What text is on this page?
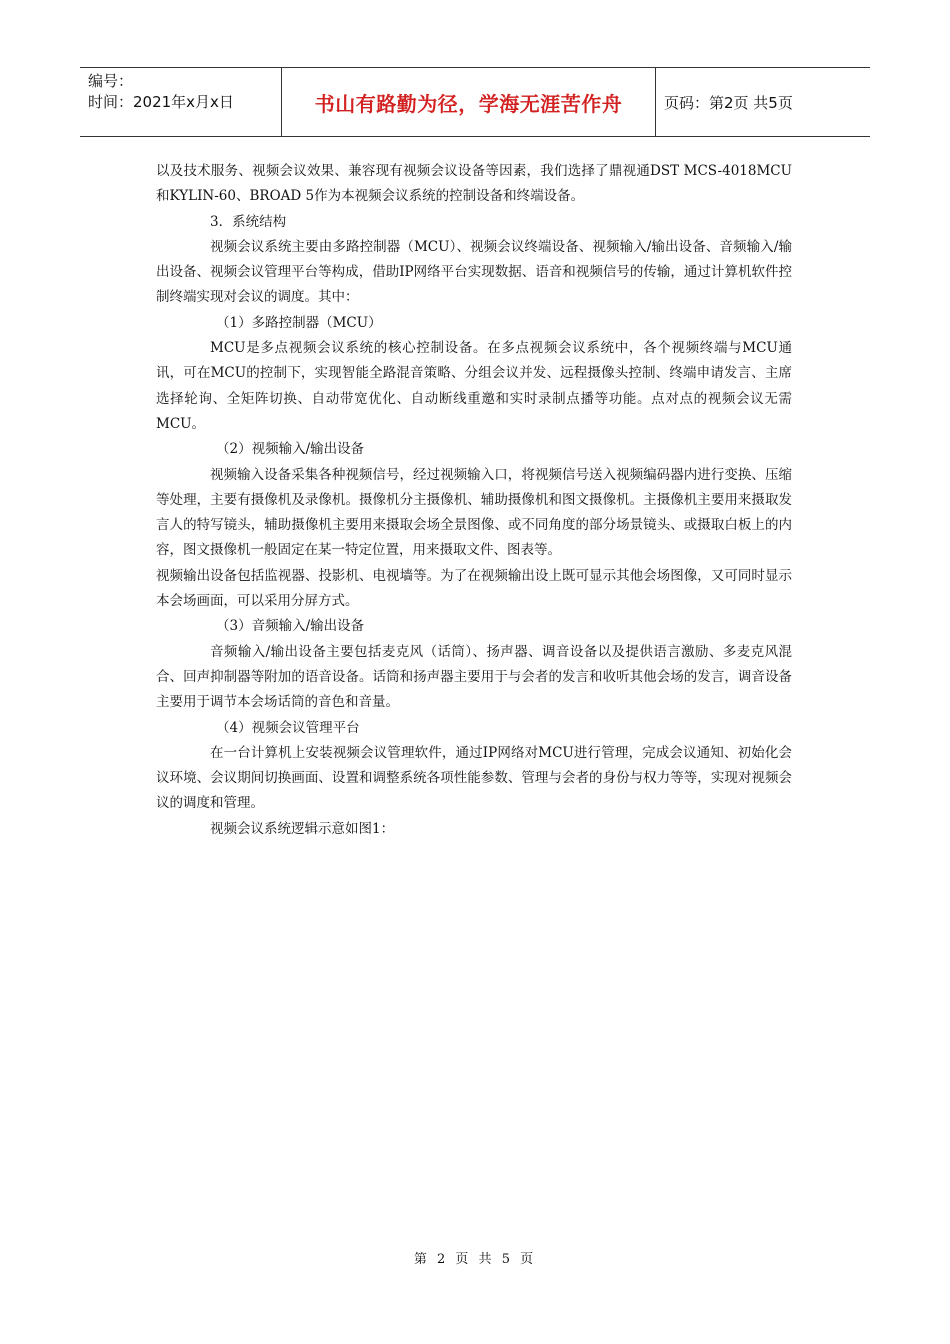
编号：
时间：2021年x月x日	书山有路勤为径，学海无涯苦作舟	页码：第2页 共5页

以及技术服务、视频会议效果、兼容现有视频会议设备等因素，我们选择了鼎视通DST MCS-4018MCU和KYLIN-60、BROAD 5作为本视频会议系统的控制设备和终端设备。

3．系统结构

视频会议系统主要由多路控制器（MCU）、视频会议终端设备、视频输入/输出设备、音频输入/输出设备、视频会议管理平台等构成，借助IP网络平台实现数据、语音和视频信号的传输，通过计算机软件控制终端实现对会议的调度。其中：

（1）多路控制器（MCU）

MCU是多点视频会议系统的核心控制设备。在多点视频会议系统中，各个视频终端与MCU通讯，可在MCU的控制下，实现智能全路混音策略、分组会议并发、远程摄像头控制、终端申请发言、主席选择轮询、全矩阵切换、自动带宽优化、自动断线重邀和实时录制点播等功能。点对点的视频会议无需MCU。

（2）视频输入/输出设备

视频输入设备采集各种视频信号，经过视频输入口，将视频信号送入视频编码器内进行变换、压缩等处理，主要有摄像机及录像机。摄像机分主摄像机、辅助摄像机和图文摄像机。主摄像机主要用来摄取发言人的特写镜头，辅助摄像机主要用来摄取会场全景图像、或不同角度的部分场景镜头、或摄取白板上的内容，图文摄像机一般固定在某一特定位置，用来摄取文件、图表等。

视频输出设备包括监视器、投影机、电视墙等。为了在视频输出设上既可显示其他会场图像，又可同时显示本会场画面，可以采用分屏方式。

（3）音频输入/输出设备

音频输入/输出设备主要包括麦克风（话筒）、扬声器、调音设备以及提供语言激励、多麦克风混合、回声抑制器等附加的语音设备。话筒和扬声器主要用于与会者的发言和收听其他会场的发言，调音设备主要用于调节本会场话筒的音色和音量。

（4）视频会议管理平台

在一台计算机上安装视频会议管理软件，通过IP网络对MCU进行管理，完成会议通知、初始化会议环境、会议期间切换画面、设置和调整系统各项性能参数、管理与会者的身份与权力等等，实现对视频会议的调度和管理。

视频会议系统逻辑示意如图1：

第 2 页 共 5 页
